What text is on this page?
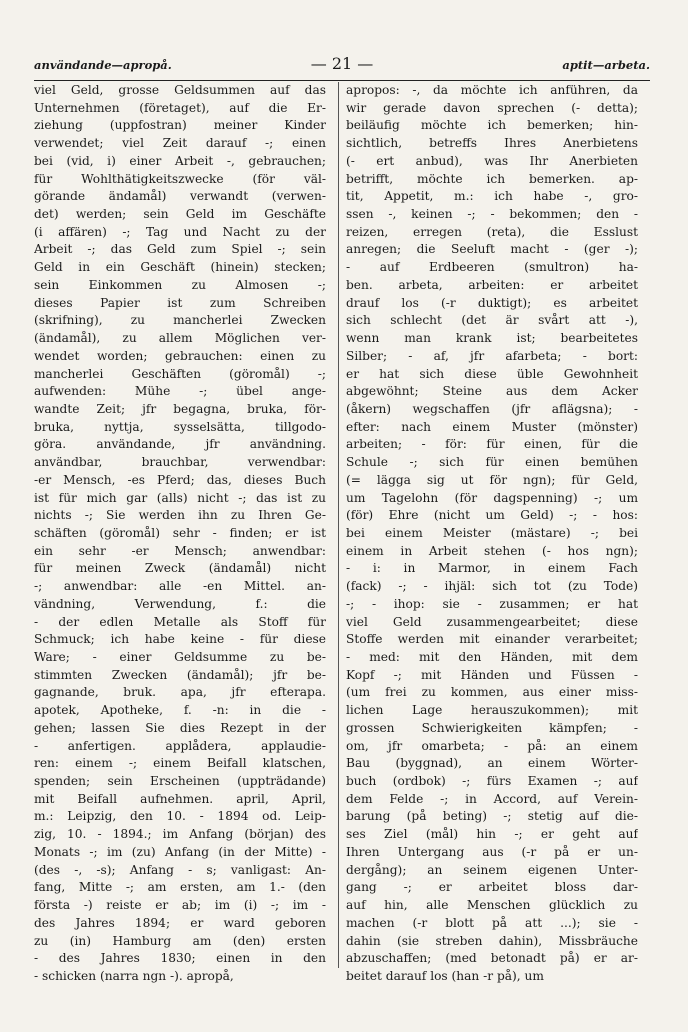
användande—apropå.	— 21 —	aptit—arbeta.
viel Geld, grosse Geldsummen auf das
Unternehmen (företaget), auf die Er-
ziehung (uppfostran) meiner Kinder
verwendet; viel Zeit darauf -; einen
bei (vid, i) einer Arbeit -, gebrauchen;
für Wohlthätigkeitszwecke (för väl-
görande ändamål) verwandt (verwen-
det) werden; sein Geld im Geschäfte
(i affären) -; Tag und Nacht zu der
Arbeit -; das Geld zum Spiel -; sein
Geld in ein Geschäft (hinein) stecken;
sein Einkommen zu Almosen -;
dieses Papier ist zum Schreiben
(skrifning), zu mancherlei Zwecken
(ändamål), zu allem Möglichen ver-
wendet worden; gebrauchen: einen zu
mancherlei Geschäften (göromål) -;
aufwenden: Mühe -; übel ange-
wandte Zeit; jfr begagna, bruka, för-
bruka, nyttja, sysselsätta, tillgodo-
göra. användande, jfr användning.
användbar, brauchbar, verwendbar:
-er Mensch, -es Pferd; das, dieses Buch
ist für mich gar (alls) nicht -; das ist zu
nichts -; Sie werden ihn zu Ihren Ge-
schäften (göromål) sehr - finden; er ist
ein sehr -er Mensch; anwendbar:
für meinen Zweck (ändamål) nicht
-; anwendbar: alle -en Mittel. an-
vändning, Verwendung, f.: die
- der edlen Metalle als Stoff für
Schmuck; ich habe keine - für diese
Ware; - einer Geldsumme zu be-
stimmten Zwecken (ändamål); jfr be-
gagnande, bruk. apa, jfr efterapa.
apotek, Apotheke, f. -n: in die -
gehen; lassen Sie dies Rezept in der
- anfertigen. applådera, applaudie-
ren: einem -; einem Beifall klatschen,
spenden; sein Erscheinen (uppträdande)
mit Beifall aufnehmen. april, April,
m.: Leipzig, den 10. - 1894 od. Leip-
zig, 10. - 1894.; im Anfang (början) des
Monats -; im (zu) Anfang (in der Mitte) -
(des -, -s); Anfang - s; vanligast: An-
fang, Mitte -; am ersten, am 1.- (den
första -) reiste er ab; im (i) -; im -
des Jahres 1894; er ward geboren
zu (in) Hamburg am (den) ersten
- des Jahres 1830; einen in den
- schicken (narra ngn -). apropå,
apropos: -, da möchte ich anführen, da
wir gerade davon sprechen (- detta);
beiläufig möchte ich bemerken; hin-
sichtlich, betreffs Ihres Anerbietens
(- ert anbud), was Ihr Anerbieten
betrifft, möchte ich bemerken. ap-
tit, Appetit, m.: ich habe -, gro-
ssen -, keinen -; - bekommen; den -
reizen, erregen (reta), die Esslust
anregen; die Seeluft macht - (ger -);
- auf Erdbeeren (smultron) ha-
ben. arbeta, arbeiten: er arbeitet
drauf los (-r duktigt); es arbeitet
sich schlecht (det är svårt att -),
wenn man krank ist; bearbeitetes
Silber; - af, jfr afarbeta; - bort:
er hat sich diese üble Gewohnheit
abgewöhnt; Steine aus dem Acker
(åkern) wegschaffen (jfr aflägsna); -
efter: nach einem Muster (mönster)
arbeiten; - för: für einen, für die
Schule -; sich für einen bemühen
(= lägga sig ut för ngn); für Geld,
um Tagelohn (för dagspenning) -; um
(för) Ehre (nicht um Geld) -; - hos:
bei einem Meister (mästare) -; bei
einem in Arbeit stehen (- hos ngn);
- i: in Marmor, in einem Fach
(fack) -; - ihjäl: sich tot (zu Tode)
-; - ihop: sie - zusammen; er hat
viel Geld zusammengearbeitet; diese
Stoffe werden mit einander verarbeitet;
- med: mit den Händen, mit dem
Kopf -; mit Händen und Füssen -
(um frei zu kommen, aus einer miss-
lichen Lage herauszukommen); mit
grossen Schwierigkeiten kämpfen; -
om, jfr omarbeta; - på: an einem
Bau (byggnad), an einem Wörter-
buch (ordbok) -; fürs Examen -; auf
dem Felde -; in Accord, auf Verein-
barung (på beting) -; stetig auf die-
ses Ziel (mål) hin -; er geht auf
Ihren Untergang aus (-r på er un-
dergång); an seinem eigenen Unter-
gang -; er arbeitet bloss dar-
auf hin, alle Menschen glücklich zu
machen (-r blott på att ...); sie -
dahin (sie streben dahin), Missbräuche
abzuschaffen; (med betonadt på) er ar-
beitet darauf los (han -r på), um
